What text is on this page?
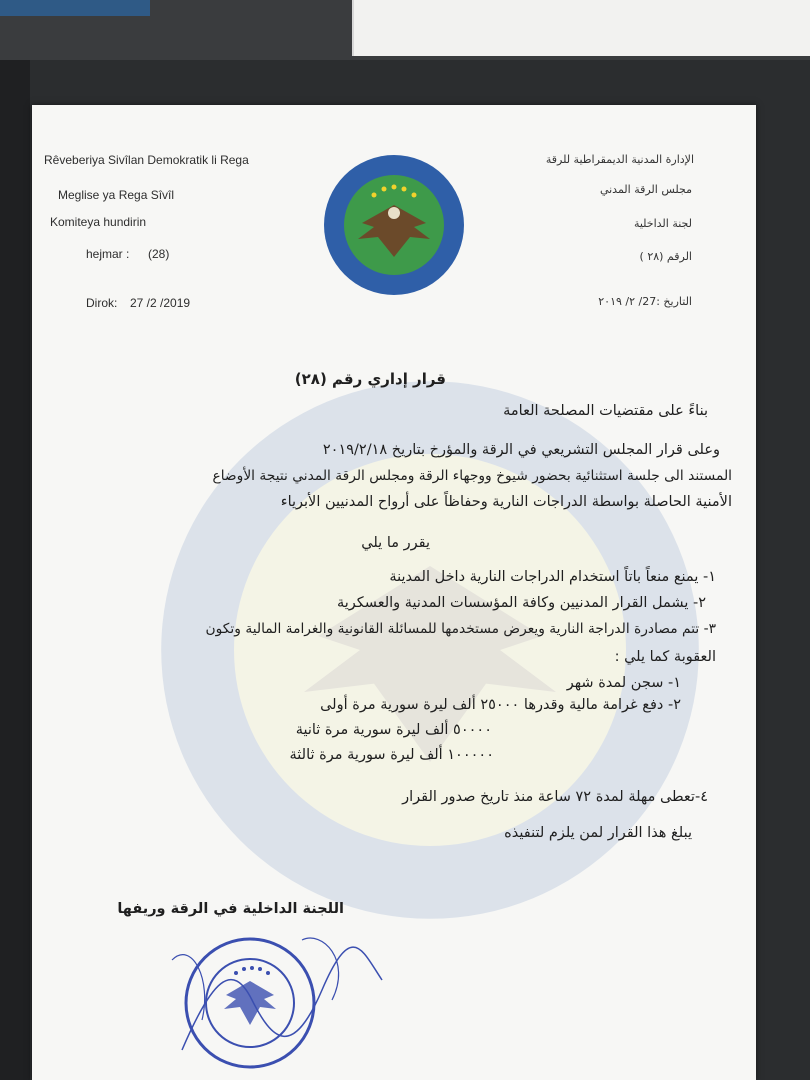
Rêveberiya Sivîlan Demokratik li Rega
Meglise ya Rega Sîvîl
Komiteya hundirin
hejmar : (28)
Dirok: 27 /2 /2019
الإدارة المدنية الديمقراطية للرقة
مجلس الرقة المدني
لجنة الداخلية
الرقم (٢٨ )
التاريخ :27/ ٢/ ٢٠١٩
قرار إداري رقم (٢٨)
بناءً على مقتضيات المصلحة العامة
وعلى قرار المجلس التشريعي في الرقة والمؤرخ بتاريخ ٢٠١٩/٢/١٨
المستند الى جلسة استثنائية بحضور شيوخ ووجهاء الرقة ومجلس الرقة المدني نتيجة الأوضاع
الأمنية الحاصلة بواسطة الدراجات النارية وحفاظاً على أرواح المدنيين الأبرياء
يقرر ما يلي
١- يمنع منعاً باتاً استخدام الدراجات النارية داخل المدينة
٢- يشمل القرار المدنيين وكافة المؤسسات المدنية والعسكرية
٣- تتم مصادرة الدراجة النارية ويعرض مستخدمها للمسائلة القانونية والغرامة المالية وتكون
العقوبة كما يلي :
١- سجن لمدة شهر
٢- دفع غرامة مالية وقدرها ٢٥٠٠٠ ألف ليرة سورية مرة أولى
٥٠٠٠٠ ألف ليرة سورية مرة ثانية
١٠٠٠٠٠ ألف ليرة سورية مرة ثالثة
٤-تعطى مهلة لمدة ٧٢ ساعة منذ تاريخ صدور القرار
يبلغ هذا القرار لمن يلزم لتنفيذه
اللجنة الداخلية في الرقة وريفها
